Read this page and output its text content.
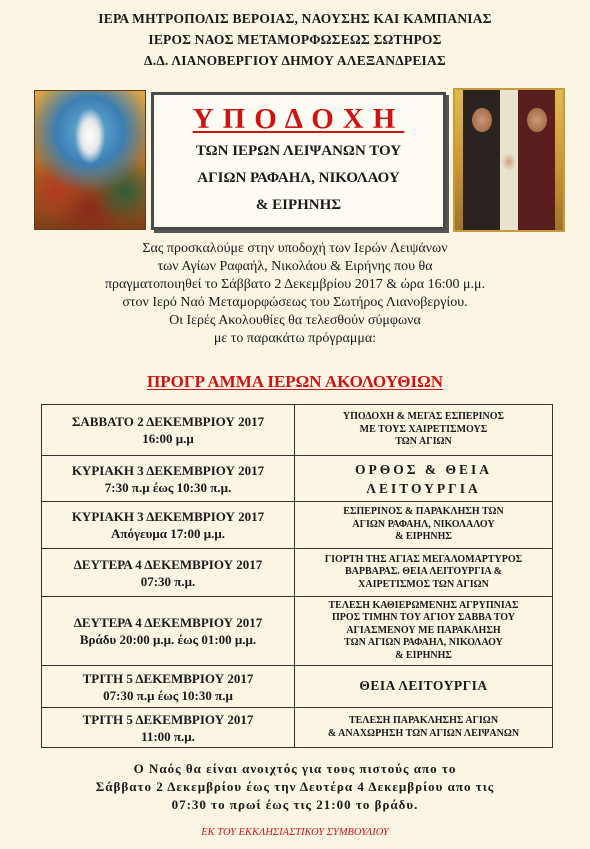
ΙΕΡΑ ΜΗΤΡΟΠΟΛΙΣ ΒΕΡΟΙΑΣ, ΝΑΟΥΣΗΣ ΚΑΙ ΚΑΜΠΑΝΙΑΣ
ΙΕΡΟΣ ΝΑΟΣ ΜΕΤΑΜΟΡΦΩΣΕΩΣ ΣΩΤΗΡΟΣ
Δ.Δ. ΛΙΑΝΟΒΕΡΓΙΟΥ ΔΗΜΟΥ ΑΛΕΞΑΝΔΡΕΙΑΣ
ΥΠΟΔΟΧΗ
ΤΩΝ ΙΕΡΩΝ ΛΕΙΨΑΝΩΝ ΤΟΥ
ΑΓΙΩΝ ΡΑΦΑΗΛ, ΝΙΚΟΛΑΟΥ
& ΕΙΡΗΝΗΣ
Σας προσκαλούμε στην υποδοχή των Ιερών Λειψάνων
των Αγίων Ραφαήλ, Νικολάου & Ειρήνης που θα
πραγματοποιηθεί το Σάββατο 2 Δεκεμβρίου 2017 & ώρα 16:00 μ.μ.
στον Ιερό Ναό Μεταμορφώσεως του Σωτήρος Λιανοβεργίου.
Οι Ιερές Ακολουθίες θα τελεσθούν σύμφωνα
με το παρακάτω πρόγραμμα:
ΠΡΟΓΡ ΑΜΜΑ ΙΕΡΩΝ ΑΚΟΛΟΥΘΙΩΝ
ΣΑΒΒΑΤΟ 2 ΔΕΚΕΜΒΡΙΟΥ 2017
16:00 μ.μ
ΥΠΟΔΟΧΗ & ΜΕΓΑΣ ΕΣΠΕΡΙΝΟΣ
ΜΕ ΤΟΥΣ ΧΑΙΡΕΤΙΣΜΟΥΣ
ΤΩΝ ΑΓΙΩΝ
ΚΥΡΙΑΚΗ 3 ΔΕΚΕΜΒΡΙΟΥ 2017
7:30 π.μ έως 10:30 π.μ.
ΟΡΘΟΣ & ΘΕΙΑ
ΛΕΙΤΟΥΡΓΙΑ
ΚΥΡΙΑΚΗ 3 ΔΕΚΕΜΒΡΙΟΥ 2017
Απόγευμα 17:00 μ.μ.
ΕΣΠΕΡΙΝΟΣ & ΠΑΡΑΚΛΗΣΗ ΤΩΝ
ΑΓΙΩΝ ΡΑΦΑΗΛ, ΝΙΚΟΛΑΛΟΥ
& ΕΙΡΗΝΗΣ
ΔΕΥΤΕΡΑ 4 ΔΕΚΕΜΒΡΙΟΥ 2017
07:30 π.μ.
ΓΙΟΡΤΗ ΤΗΣ ΑΓΙΑΣ ΜΕΓΑΛΟΜΑΡΤΥΡΟΣ
ΒΑΡΒΑΡΑΣ. ΘΕΙΑ ΛΕΙΤΟΥΡΓΙΑ &
ΧΑΙΡΕΤΙΣΜΟΣ ΤΩΝ ΑΓΙΩΝ
ΔΕΥΤΕΡΑ 4 ΔΕΚΕΜΒΡΙΟΥ 2017
Βράδυ 20:00 μ.μ. έως 01:00 μ.μ.
ΤΕΛΕΣΗ ΚΑΘΙΕΡΩΜΕΝΗΣ ΑΓΡΥΠΝΙΑΣ
ΠΡΟΣ ΤΙΜΗΝ ΤΟΥ ΑΓΙΟΥ ΣΑΒΒΑ ΤΟΥ
ΑΓΙΑΣΜΕΝΟΥ ΜΕ ΠΑΡΑΚΛΗΣΗ
ΤΩΝ ΑΓΙΩΝ ΡΑΦΑΗΛ, ΝΙΚΟΛΑΟΥ
& ΕΙΡΗΝΗΣ
ΤΡΙΤΗ 5 ΔΕΚΕΜΒΡΙΟΥ 2017
07:30 π.μ έως 10:30 π.μ
ΘΕΙΑ ΛΕΙΤΟΥΡΓΙΑ
ΤΡΙΤΗ 5 ΔΕΚΕΜΒΡΙΟΥ 2017
11:00 π.μ.
ΤΕΛΕΣΗ ΠΑΡΑΚΛΗΣΗΣ ΑΓΙΩΝ
& ΑΝΑΧΩΡΗΣΗ ΤΩΝ ΑΓΙΩΝ ΛΕΙΨΑΝΩΝ
Ο Ναός θα είναι ανοιχτός για τους πιστούς απο το
Σάββατο 2 Δεκεμβρίου έως την Δευτέρα 4 Δεκεμβρίου απο τις
07:30 το πρωί έως τις 21:00 το βράδυ.
ΕΚ ΤΟΥ ΕΚΚΛΗΣΙΑΣΤΙΚΟΥ ΣΥΜΒΟΥΛΙΟΥ
